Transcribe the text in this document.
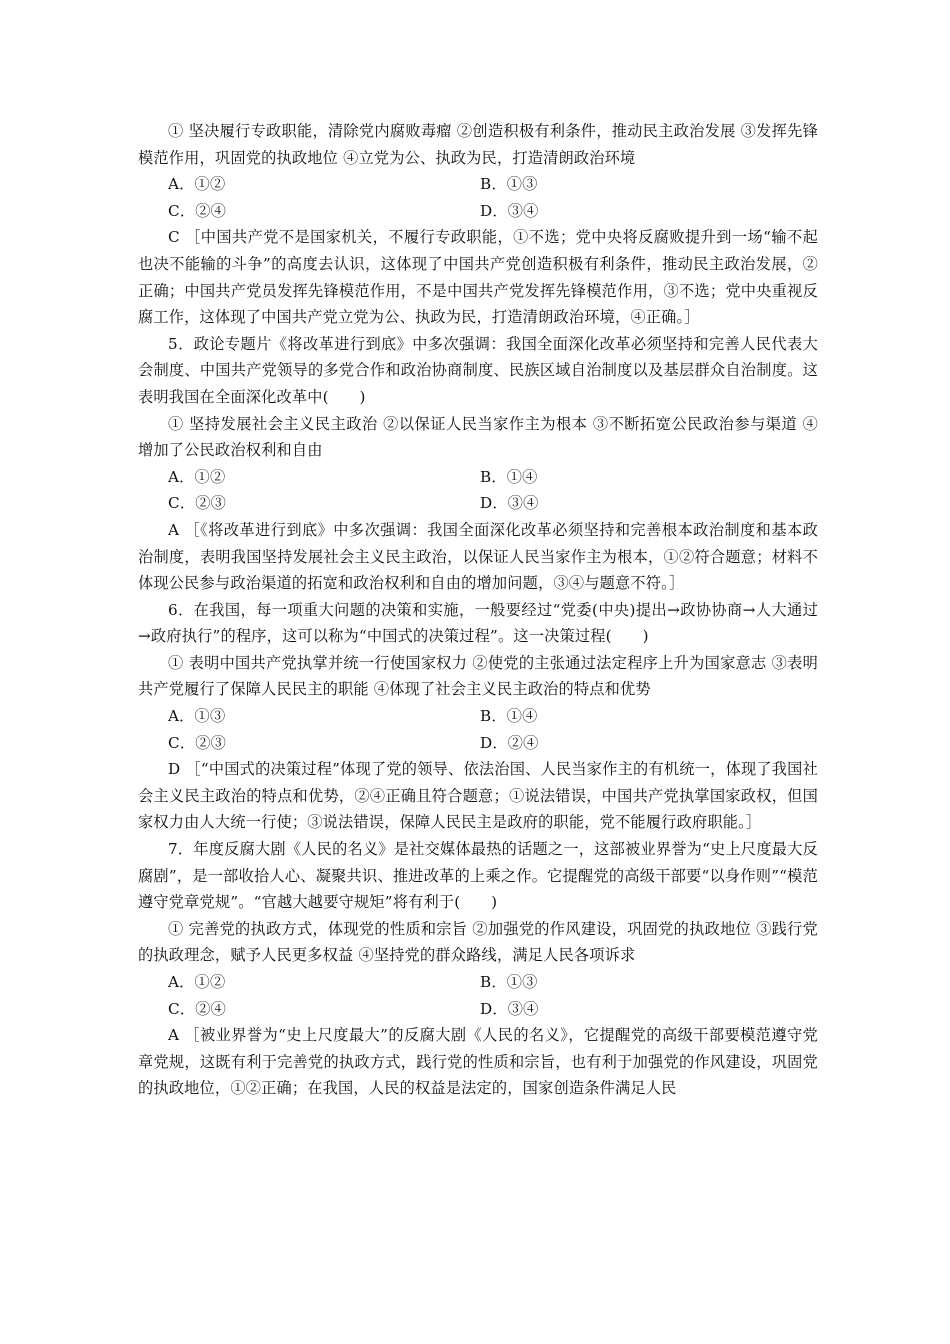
① 坚决履行专政职能，清除党内腐败毒瘤 ②创造积极有利条件，推动民主政治发展 ③发挥先锋模范作用，巩固党的执政地位 ④立党为公、执政为民，打造清朗政治环境

A．①②	B．①③
C．②④	D．③④

C ［中国共产党不是国家机关，不履行专政职能，①不选；党中央将反腐败提升到一场“输不起也决不能输的斗争”的高度去认识，这体现了中国共产党创造积极有利条件，推动民主政治发展，②正确；中国共产党员发挥先锋模范作用，不是中国共产党发挥先锋模范作用，③不选；党中央重视反腐工作，这体现了中国共产党立党为公、执政为民，打造清朗政治环境，④正确。］

5．政论专题片《将改革进行到底》中多次强调：我国全面深化改革必须坚持和完善人民代表大会制度、中国共产党领导的多党合作和政治协商制度、民族区域自治制度以及基层群众自治制度。这表明我国在全面深化改革中(　　)

① 坚持发展社会主义民主政治 ②以保证人民当家作主为根本 ③不断拓宽公民政治参与渠道 ④增加了公民政治权利和自由

A．①②	B．①④
C．②③	D．③④

A ［《将改革进行到底》中多次强调：我国全面深化改革必须坚持和完善根本政治制度和基本政治制度，表明我国坚持发展社会主义民主政治，以保证人民当家作主为根本，①②符合题意；材料不体现公民参与政治渠道的拓宽和政治权利和自由的增加问题，③④与题意不符。］

6．在我国，每一项重大问题的决策和实施，一般要经过“党委(中央)提出→政协协商→人大通过→政府执行”的程序，这可以称为“中国式的决策过程”。这一决策过程(　　)

① 表明中国共产党执掌并统一行使国家权力 ②使党的主张通过法定程序上升为国家意志 ③表明共产党履行了保障人民民主的职能 ④体现了社会主义民主政治的特点和优势

A．①③	B．①④
C．②③	D．②④

D ［“中国式的决策过程”体现了党的领导、依法治国、人民当家作主的有机统一，体现了我国社会主义民主政治的特点和优势，②④正确且符合题意；①说法错误，中国共产党执掌国家政权，但国家权力由人大统一行使；③说法错误，保障人民民主是政府的职能，党不能履行政府职能。］

7．年度反腐大剧《人民的名义》是社交媒体最热的话题之一，这部被业界誉为“史上尺度最大反腐剧”，是一部收拾人心、凝聚共识、推进改革的上乘之作。它提醒党的高级干部要“以身作则”“模范遵守党章党规”。“官越大越要守规矩”将有利于(　　)

① 完善党的执政方式，体现党的性质和宗旨 ②加强党的作风建设，巩固党的执政地位 ③践行党的执政理念，赋予人民更多权益 ④坚持党的群众路线，满足人民各项诉求

A．①②	B．①③
C．②④	D．③④

A ［被业界誉为“史上尺度最大”的反腐大剧《人民的名义》，它提醒党的高级干部要模范遵守党章党规，这既有利于完善党的执政方式，践行党的性质和宗旨，也有利于加强党的作风建设，巩固党的执政地位，①②正确；在我国，人民的权益是法定的，国家创造条件满足人民
